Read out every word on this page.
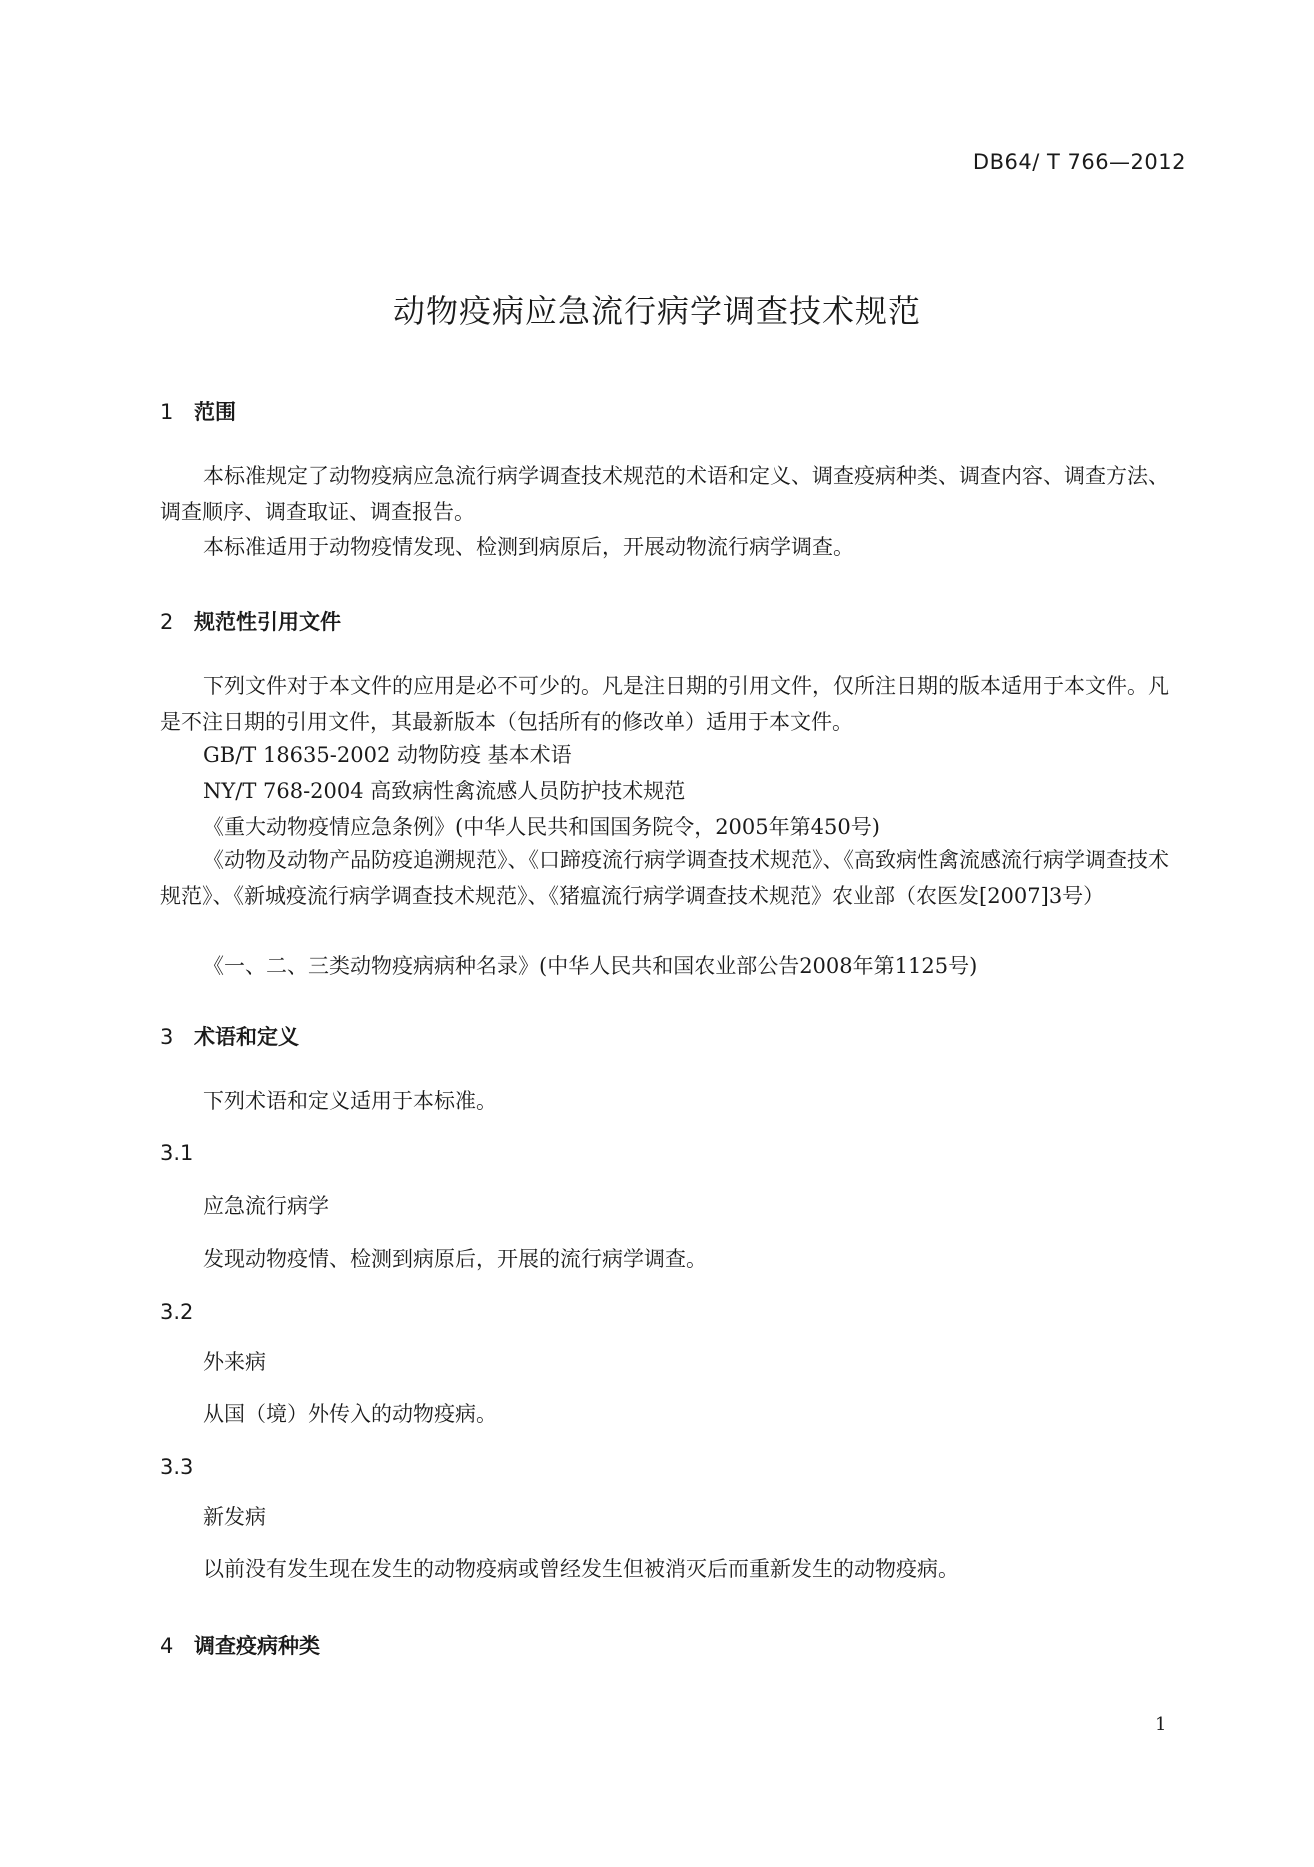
DB64/ T 766—2012
动物疫病应急流行病学调查技术规范
1 范围
本标准规定了动物疫病应急流行病学调查技术规范的术语和定义、调查疫病种类、调查内容、调查方法、调查顺序、调查取证、调查报告。
本标准适用于动物疫情发现、检测到病原后，开展动物流行病学调查。
2 规范性引用文件
下列文件对于本文件的应用是必不可少的。凡是注日期的引用文件，仅所注日期的版本适用于本文件。凡是不注日期的引用文件，其最新版本（包括所有的修改单）适用于本文件。
GB/T 18635-2002 动物防疫 基本术语
NY/T 768-2004 高致病性禽流感人员防护技术规范
《重大动物疫情应急条例》(中华人民共和国国务院令，2005年第450号)
《动物及动物产品防疫追溯规范》、《口蹄疫流行病学调查技术规范》、《高致病性禽流感流行病学调查技术规范》、《新城疫流行病学调查技术规范》、《猪瘟流行病学调查技术规范》农业部（农医发[2007]3号）
《一、二、三类动物疫病病种名录》(中华人民共和国农业部公告2008年第1125号)
3 术语和定义
下列术语和定义适用于本标准。
3.1
应急流行病学
发现动物疫情、检测到病原后，开展的流行病学调查。
3.2
外来病
从国（境）外传入的动物疫病。
3.3
新发病
以前没有发生现在发生的动物疫病或曾经发生但被消灭后而重新发生的动物疫病。
4 调查疫病种类
1
